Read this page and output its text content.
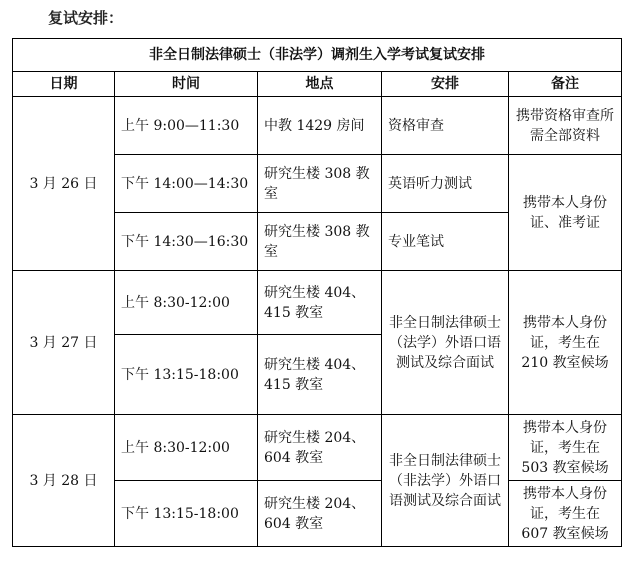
复试安排：
非全日制法律硕士（非法学）调剂生入学考试复试安排				
日期	时间	地点	安排	备注
3 月 26 日	上午 9:00—11:30	中教 1429 房间	资格审查	携带资格审查所需全部资料
	下午 14:00—14:30	研究生楼 308 教室	英语听力测试	携带本人身份证、准考证
	下午 14:30—16:30	研究生楼 308 教室	专业笔试	
3 月 27 日	上午 8:30-12:00	研究生楼 404、415 教室	非全日制法律硕士（法学）外语口语测试及综合面试	携带本人身份证，考生在 210 教室候场
	下午 13:15-18:00	研究生楼 404、415 教室		
3 月 28 日	上午 8:30-12:00	研究生楼 204、604 教室	非全日制法律硕士（非法学）外语口语测试及综合面试	携带本人身份证，考生在 503 教室候场
	下午 13:15-18:00	研究生楼 204、604 教室		携带本人身份证，考生在 607 教室候场
